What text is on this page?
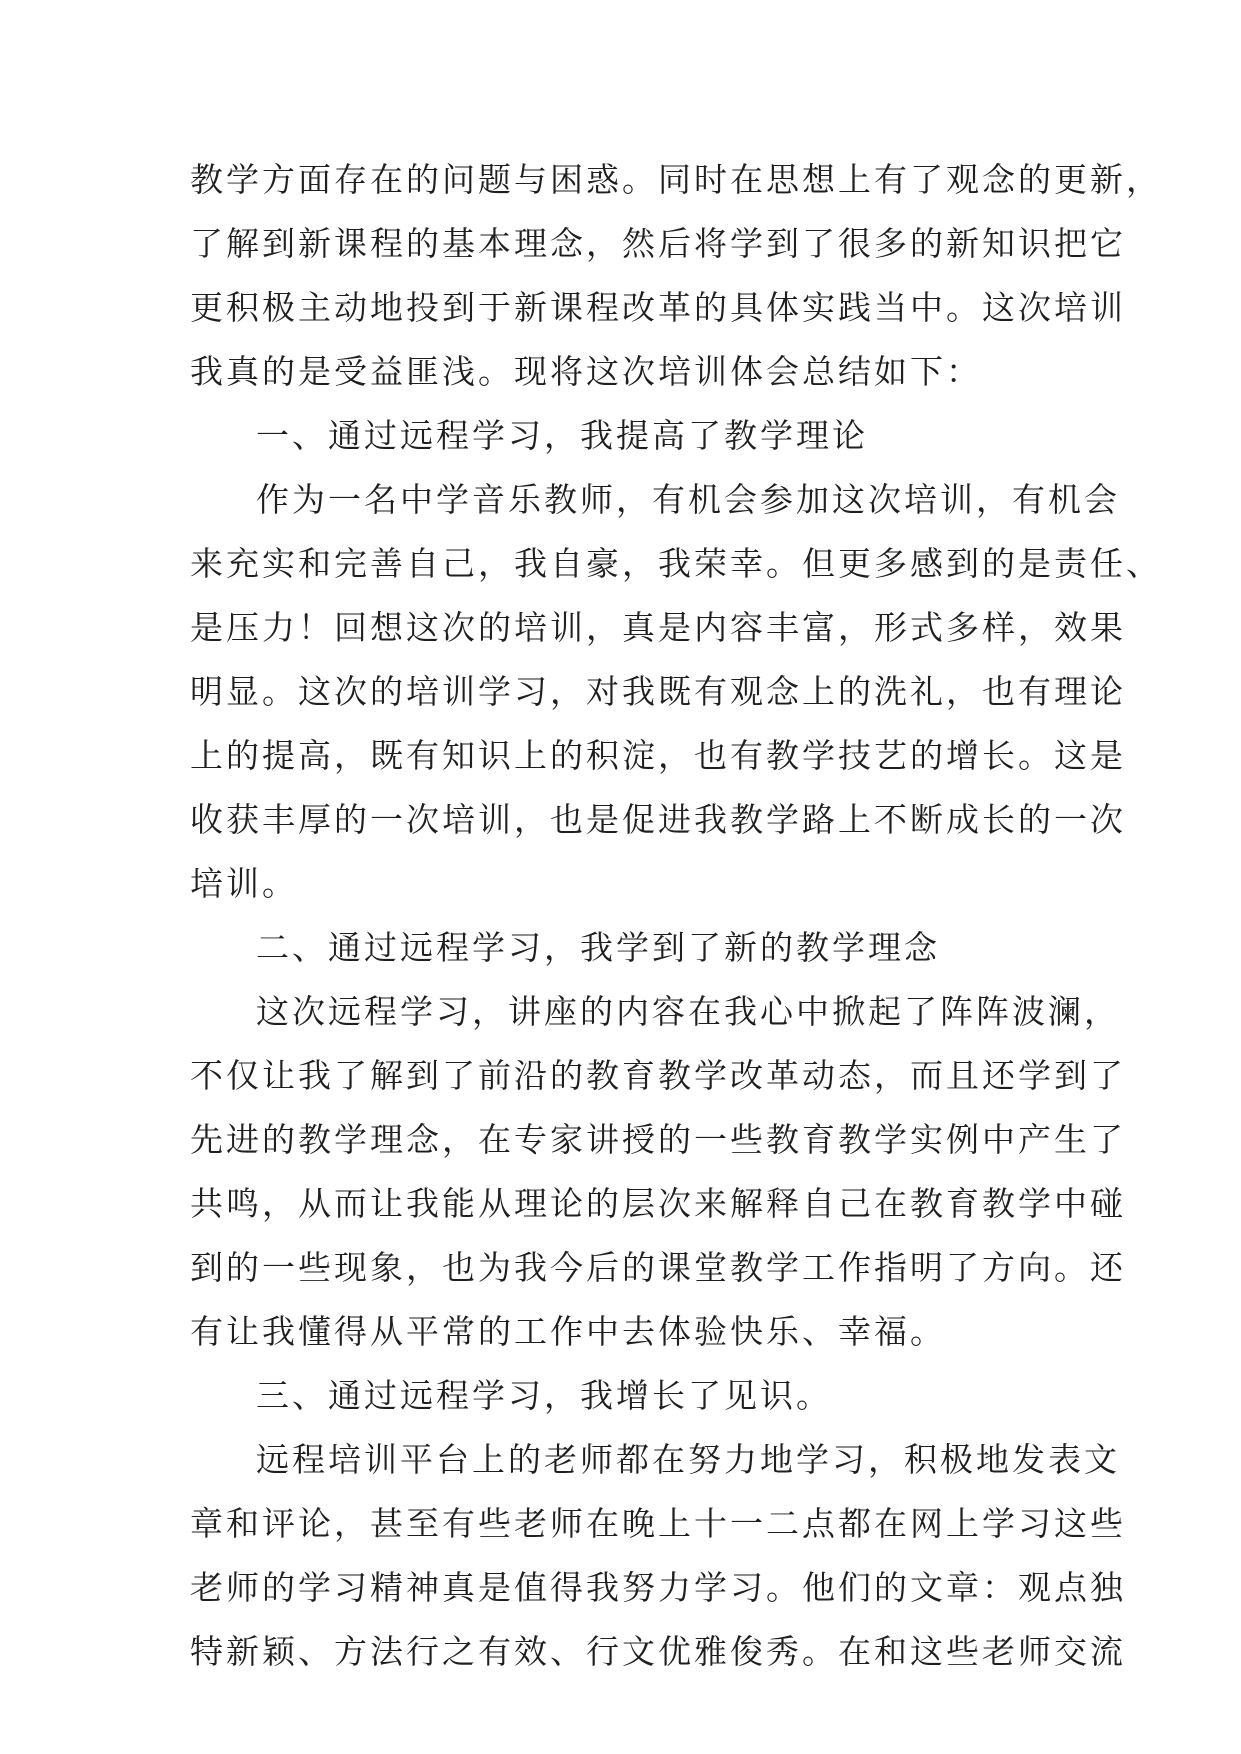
教学方面存在的问题与困惑。同时在思想上有了观念的更新，
了解到新课程的基本理念，然后将学到了很多的新知识把它
更积极主动地投到于新课程改革的具体实践当中。这次培训
我真的是受益匪浅。现将这次培训体会总结如下：
一、通过远程学习，我提高了教学理论
作为一名中学音乐教师，有机会参加这次培训，有机会
来充实和完善自己，我自豪，我荣幸。但更多感到的是责任、
是压力！回想这次的培训，真是内容丰富，形式多样，效果
明显。这次的培训学习，对我既有观念上的洗礼，也有理论
上的提高，既有知识上的积淀，也有教学技艺的增长。这是
收获丰厚的一次培训，也是促进我教学路上不断成长的一次
培训。
二、通过远程学习，我学到了新的教学理念
这次远程学习，讲座的内容在我心中掀起了阵阵波澜，
不仅让我了解到了前沿的教育教学改革动态，而且还学到了
先进的教学理念，在专家讲授的一些教育教学实例中产生了
共鸣，从而让我能从理论的层次来解释自己在教育教学中碰
到的一些现象，也为我今后的课堂教学工作指明了方向。还
有让我懂得从平常的工作中去体验快乐、幸福。
三、通过远程学习，我增长了见识。
远程培训平台上的老师都在努力地学习，积极地发表文
章和评论，甚至有些老师在晚上十一二点都在网上学习这些
老师的学习精神真是值得我努力学习。他们的文章：观点独
特新颖、方法行之有效、行文优雅俊秀。在和这些老师交流
